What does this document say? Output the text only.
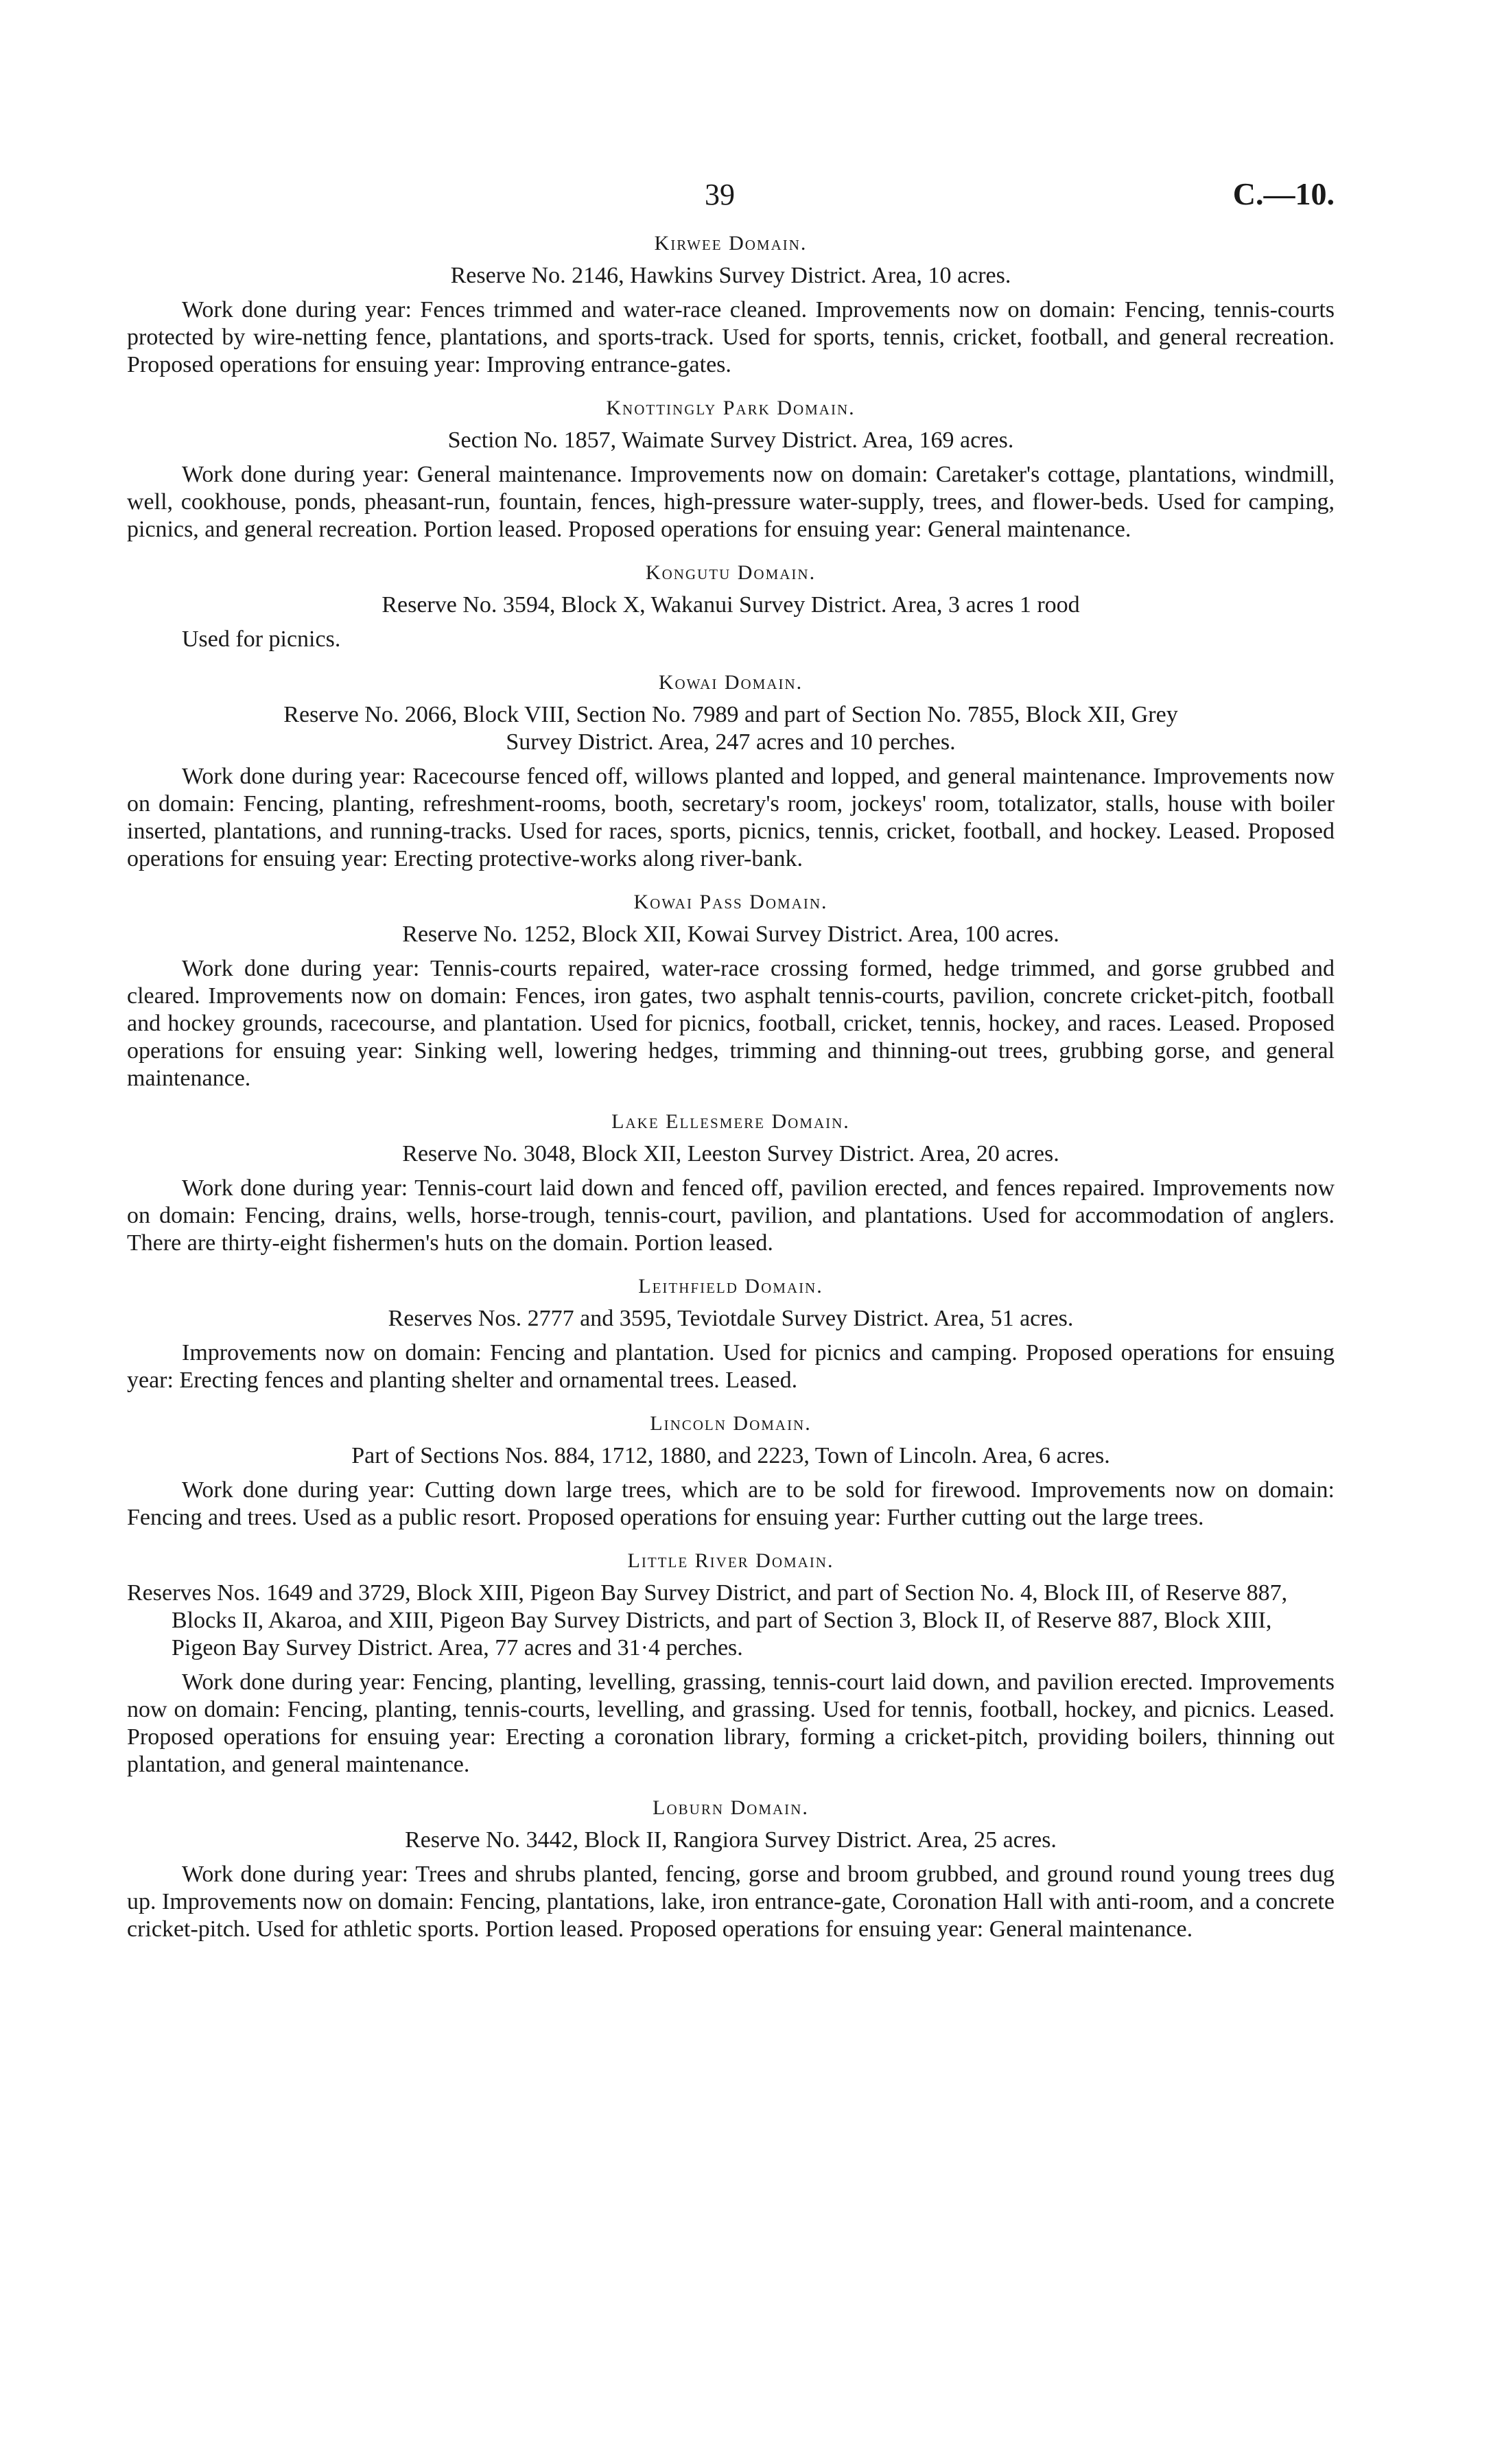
39	C.—10.
Kirwee Domain.
Reserve No. 2146, Hawkins Survey District. Area, 10 acres.

Work done during year: Fences trimmed and water-race cleaned. Improvements now on domain: Fencing, tennis-courts protected by wire-netting fence, plantations, and sports-track. Used for sports, tennis, cricket, football, and general recreation. Proposed operations for ensuing year: Improving entrance-gates.

Knottingly Park Domain.
Section No. 1857, Waimate Survey District. Area, 169 acres.

Work done during year: General maintenance. Improvements now on domain: Caretaker's cottage, plantations, windmill, well, cookhouse, ponds, pheasant-run, fountain, fences, high-pressure water-supply, trees, and flower-beds. Used for camping, picnics, and general recreation. Portion leased. Proposed operations for ensuing year: General maintenance.

Kongutu Domain.
Reserve No. 3594, Block X, Wakanui Survey District. Area, 3 acres 1 rood

Used for picnics.

Kowai Domain.
Reserve No. 2066, Block VIII, Section No. 7989 and part of Section No. 7855, Block XII, Grey
Survey District. Area, 247 acres and 10 perches.

Work done during year: Racecourse fenced off, willows planted and lopped, and general maintenance. Improvements now on domain: Fencing, planting, refreshment-rooms, booth, secretary's room, jockeys' room, totalizator, stalls, house with boiler inserted, plantations, and running-tracks. Used for races, sports, picnics, tennis, cricket, football, and hockey. Leased. Proposed operations for ensuing year: Erecting protective-works along river-bank.

Kowai Pass Domain.
Reserve No. 1252, Block XII, Kowai Survey District. Area, 100 acres.

Work done during year: Tennis-courts repaired, water-race crossing formed, hedge trimmed, and gorse grubbed and cleared. Improvements now on domain: Fences, iron gates, two asphalt tennis-courts, pavilion, concrete cricket-pitch, football and hockey grounds, racecourse, and plantation. Used for picnics, football, cricket, tennis, hockey, and races. Leased. Proposed operations for ensuing year: Sinking well, lowering hedges, trimming and thinning-out trees, grubbing gorse, and general maintenance.

Lake Ellesmere Domain.
Reserve No. 3048, Block XII, Leeston Survey District. Area, 20 acres.

Work done during year: Tennis-court laid down and fenced off, pavilion erected, and fences repaired. Improvements now on domain: Fencing, drains, wells, horse-trough, tennis-court, pavilion, and plantations. Used for accommodation of anglers. There are thirty-eight fishermen's huts on the domain. Portion leased.

Leithfield Domain.
Reserves Nos. 2777 and 3595, Teviotdale Survey District. Area, 51 acres.

Improvements now on domain: Fencing and plantation. Used for picnics and camping. Proposed operations for ensuing year: Erecting fences and planting shelter and ornamental trees. Leased.

Lincoln Domain.
Part of Sections Nos. 884, 1712, 1880, and 2223, Town of Lincoln. Area, 6 acres.

Work done during year: Cutting down large trees, which are to be sold for firewood. Improvements now on domain: Fencing and trees. Used as a public resort. Proposed operations for ensuing year: Further cutting out the large trees.

Little River Domain.
Reserves Nos. 1649 and 3729, Block XIII, Pigeon Bay Survey District, and part of Section No. 4, Block III, of Reserve 887, Blocks II, Akaroa, and XIII, Pigeon Bay Survey Districts, and part of Section 3, Block II, of Reserve 887, Block XIII, Pigeon Bay Survey District. Area, 77 acres and 31·4 perches.

Work done during year: Fencing, planting, levelling, grassing, tennis-court laid down, and pavilion erected. Improvements now on domain: Fencing, planting, tennis-courts, levelling, and grassing. Used for tennis, football, hockey, and picnics. Leased. Proposed operations for ensuing year: Erecting a coronation library, forming a cricket-pitch, providing boilers, thinning out plantation, and general maintenance.

Loburn Domain.
Reserve No. 3442, Block II, Rangiora Survey District. Area, 25 acres.

Work done during year: Trees and shrubs planted, fencing, gorse and broom grubbed, and ground round young trees dug up. Improvements now on domain: Fencing, plantations, lake, iron entrance-gate, Coronation Hall with anti-room, and a concrete cricket-pitch. Used for athletic sports. Portion leased. Proposed operations for ensuing year: General maintenance.
